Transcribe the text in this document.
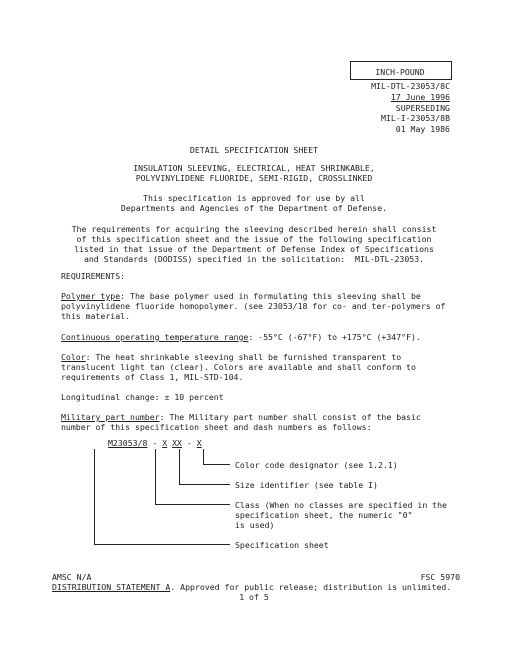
INCH-POUND
MIL-DTL-23053/8C
17 June 1996
SUPERSEDING
MIL-I-23053/8B
01 May 1986
DETAIL SPECIFICATION SHEET
INSULATION SLEEVING, ELECTRICAL, HEAT SHRINKABLE,
POLYVINYLIDENE FLUORIDE, SEMI-RIGID, CROSSLINKED
This specification is approved for use by all
Departments and Agencies of the Department of Defense.
The requirements for acquiring the sleeving described herein shall consist
of this specification sheet and the issue of the following specification
listed in that issue of the Department of Defense Index of Specifications
and Standards (DODISS) specified in the solicitation:  MIL-DTL-23053.
REQUIREMENTS:

Polymer type: The base polymer used in formulating this sleeving shall be polyvinylidene fluoride homopolymer. (see 23053/18 for co- and ter-polymers of this material.

Continuous operating temperature range: -55°C (-67°F) to +175°C (+347°F).

Color: The heat shrinkable sleeving shall be furnished transparent to translucent light tan (clear). Colors are available and shall conform to requirements of Class 1, MIL-STD-104.

Longitudinal change: ± 10 percent

Military part number: The Military part number shall consist of the basic number of this specification sheet and dash numbers as follows:

M23053/8 - X XX - X
Color code designator (see 1.2.1)
Size identifier (see table I)
Class (When no classes are specified in the
specification sheet, the numeric "0"
is used)
Specification sheet
AMSC N/A	FSC 5970
DISTRIBUTION STATEMENT A. Approved for public release; distribution is unlimited.
1 of 5
